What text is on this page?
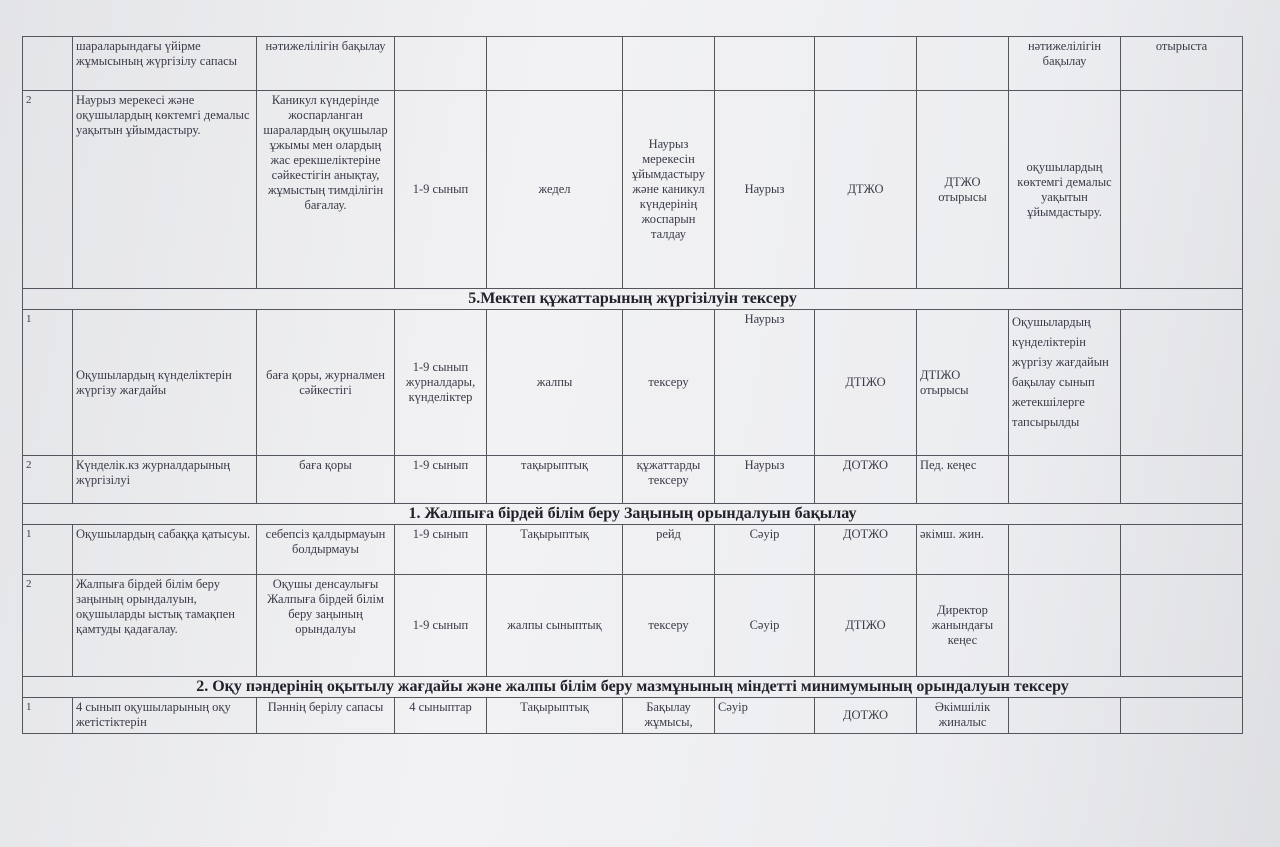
	шараларындағы үйірме жұмысының жүргізілу сапасы	нәтижелілігін бақылау							нәтижелілігін бақылау	отырыста
2	Наурыз мерекесі және оқушылардың көктемгі демалыс уақытын ұйымдастыру.	Каникул күндерінде жоспарланган шаралардың оқушылар ұжымы мен олардың жас ерекшеліктеріне сәйкестігін анықтау, жұмыстың тимділігін бағалау.	1-9 сынып	жедел	Наурыз мерекесін ұйымдастыру және каникул күндерінің жоспарын талдау	Наурыз	ДТЖО	ДТЖО отырысы	оқушылардың көктемгі демалыс уақытын ұйымдастыру.	
5.Мектеп құжаттарының жүргізілуін тексеру										
1	Оқушылардың күнделіктерін жүргізу жағдайы	баға қоры, журналмен сәйкестігі	1-9 сынып журналдары, күнделіктер	жалпы	тексеру	Наурыз	ДТІЖО	ДТІЖО отырысы	Оқушылардың күнделіктерін жүргізу жағдайын бақылау сынып жетекшілерге тапсырылды	
2	Күнделік.кз журналдарының жүргізілуі	баға қоры	1-9 сынып	тақырыптық	құжаттарды тексеру	Наурыз	ДОТЖО	Пед. кеңес		
1. Жалпыға бірдей білім беру Заңының орындалуын бақылау										
1	Оқушылардың сабаққа қатысуы.	себепсіз қалдырмауын болдырмауы	1-9 сынып	Тақырыптық	рейд	Сәуір	ДОТЖО	әкімш. жин.		
2	Жалпыға бірдей білім беру заңының орындалуын, оқушыларды ыстық тамақпен қамтуды қадағалау.	Оқушы денсаулығы Жалпыға бірдей білім беру заңының орындалуы	1-9 сынып	жалпы сыныптық	тексеру	Сәуір	ДТІЖО	Директор жанындағы кеңес		
2. Оқу пәндерінің оқытылу жағдайы және жалпы білім беру мазмұнының міндетті минимумының орындалуын тексеру										
1	4 сынып оқушыларының оқу жетістіктерін	Пәннің берілу сапасы	4 сыныптар	Тақырыптық	Бақылау жұмысы,	Сәуір	ДОТЖО	Әкімшілік жиналыс		
